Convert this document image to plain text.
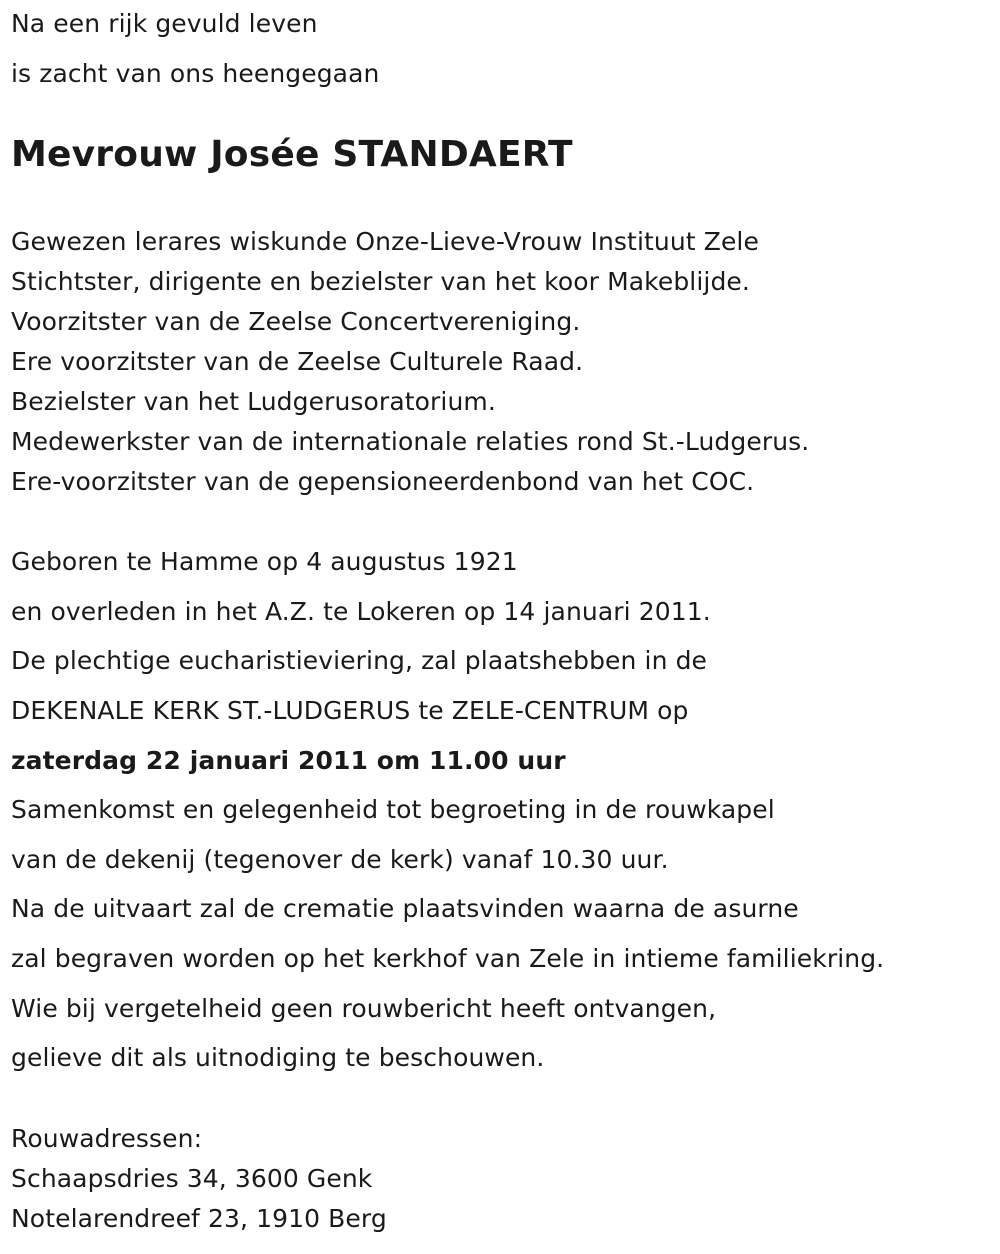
Na een rijk gevuld leven
is zacht van ons heengegaan
Mevrouw Josée STANDAERT
Gewezen lerares wiskunde Onze-Lieve-Vrouw Instituut Zele
Stichtster, dirigente en bezielster van het koor Makeblijde.
Voorzitster van de Zeelse Concertvereniging.
Ere voorzitster van de Zeelse Culturele Raad.
Bezielster van het Ludgerusoratorium.
Medewerkster van de internationale relaties rond St.-Ludgerus.
Ere-voorzitster van de gepensioneerdenbond van het COC.
Geboren te Hamme op 4 augustus 1921
en overleden in het A.Z. te Lokeren op 14 januari 2011.
De plechtige eucharistieviering, zal plaatshebben in de
DEKENALE KERK ST.-LUDGERUS te ZELE-CENTRUM op
zaterdag 22 januari 2011 om 11.00 uur
Samenkomst en gelegenheid tot begroeting in de rouwkapel
van de dekenij (tegenover de kerk) vanaf 10.30 uur.
Na de uitvaart zal de crematie plaatsvinden waarna de asurne
zal begraven worden op het kerkhof van Zele in intieme familiekring.
Wie bij vergetelheid geen rouwbericht heeft ontvangen,
gelieve dit als uitnodiging te beschouwen.
Rouwadressen:
Schaapsdries 34, 3600 Genk
Notelarendreef 23, 1910 Berg
